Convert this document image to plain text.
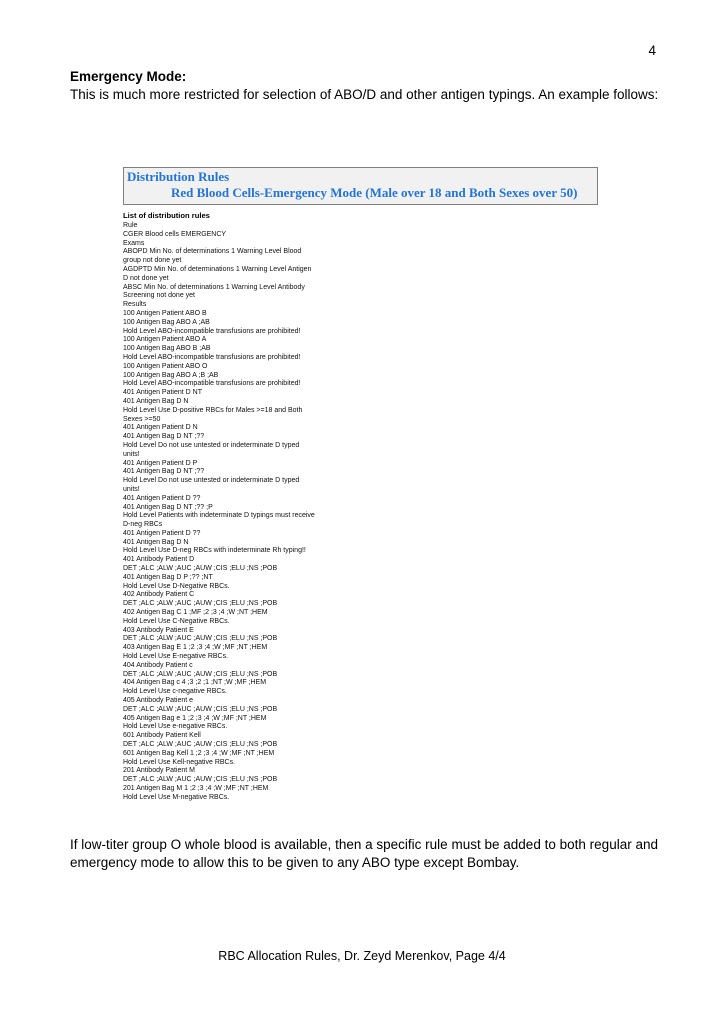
4
Emergency Mode:
This is much more restricted for selection of ABO/D and other antigen typings. An example follows:
Distribution Rules
Red Blood Cells-Emergency Mode (Male over 18 and Both Sexes over 50)
List of distribution rules
Rule
CGER Blood cells EMERGENCY
Exams
ABOPD Min No. of determinations 1 Warning Level Blood
group not done yet
AGDPTD Min No. of determinations 1 Warning Level Antigen
D not done yet
ABSC Min No. of determinations 1 Warning Level Antibody
Screening not done yet
Results
100 Antigen Patient ABO B
100 Antigen Bag ABO A ;AB
Hold Level ABO-incompatible transfusions are prohibited!
100 Antigen Patient ABO A
100 Antigen Bag ABO B ;AB
Hold Level ABO-incompatible transfusions are prohibited!
100 Antigen Patient ABO O
100 Antigen Bag ABO A ;B ;AB
Hold Level ABO-incompatible transfusions are prohibited!
401 Antigen Patient D NT
401 Antigen Bag D N
Hold Level Use D-positive RBCs for Males >=18 and Both
Sexes >=50
401 Antigen Patient D N
401 Antigen Bag D NT ;??
Hold Level Do not use untested or indeterminate D typed
units!
401 Antigen Patient D P
401 Antigen Bag D NT ;??
Hold Level Do not use untested or indeterminate D typed
units!
401 Antigen Patient D ??
401 Antigen Bag D NT ;?? ;P
Hold Level Patients with indeterminate D typings must receive
D-neg RBCs
401 Antigen Patient D ??
401 Antigen Bag D N
Hold Level Use D-neg RBCs with indeterminate Rh typing!!
401 Antibody Patient D
DET ;ALC ;ALW ;AUC ;AUW ;CIS ;ELU ;NS ;POB
401 Antigen Bag D P ;?? ;NT
Hold Level Use D-Negative RBCs.
402 Antibody Patient C
DET ;ALC ;ALW ;AUC ;AUW ;CIS ;ELU ;NS ;POB
402 Antigen Bag C 1 ;MF ;2 ;3 ;4 ;W ;NT ;HEM
Hold Level Use C-Negative RBCs.
403 Antibody Patient E
DET ;ALC ;ALW ;AUC ;AUW ;CIS ;ELU ;NS ;POB
403 Antigen Bag E 1 ;2 ;3 ;4 ;W ;MF ;NT ;HEM
Hold Level Use E-negative RBCs.
404 Antibody Patient c
DET ;ALC ;ALW ;AUC ;AUW ;CIS ;ELU ;NS ;POB
404 Antigen Bag c 4 ;3 ;2 ;1 ;NT ;W ;MF ;HEM
Hold Level Use c-negative RBCs.
405 Antibody Patient e
DET ;ALC ;ALW ;AUC ;AUW ;CIS ;ELU ;NS ;POB
405 Antigen Bag e 1 ;2 ;3 ;4 ;W ;MF ;NT ;HEM
Hold Level Use e-negative RBCs.
601 Antibody Patient Kell
DET ;ALC ;ALW ;AUC ;AUW ;CIS ;ELU ;NS ;POB
601 Antigen Bag Kell 1 ;2 ;3 ;4 ;W ;MF ;NT ;HEM
Hold Level Use Kell-negative RBCs.
201 Antibody Patient M
DET ;ALC ;ALW ;AUC ;AUW ;CIS ;ELU ;NS ;POB
201 Antigen Bag M 1 ;2 ;3 ;4 ;W ;MF ;NT ;HEM
Hold Level Use M-negative RBCs.
If low-titer group O whole blood is available, then a specific rule must be added to both regular and emergency mode to allow this to be given to any ABO type except Bombay.
RBC Allocation Rules, Dr. Zeyd Merenkov, Page 4/4
